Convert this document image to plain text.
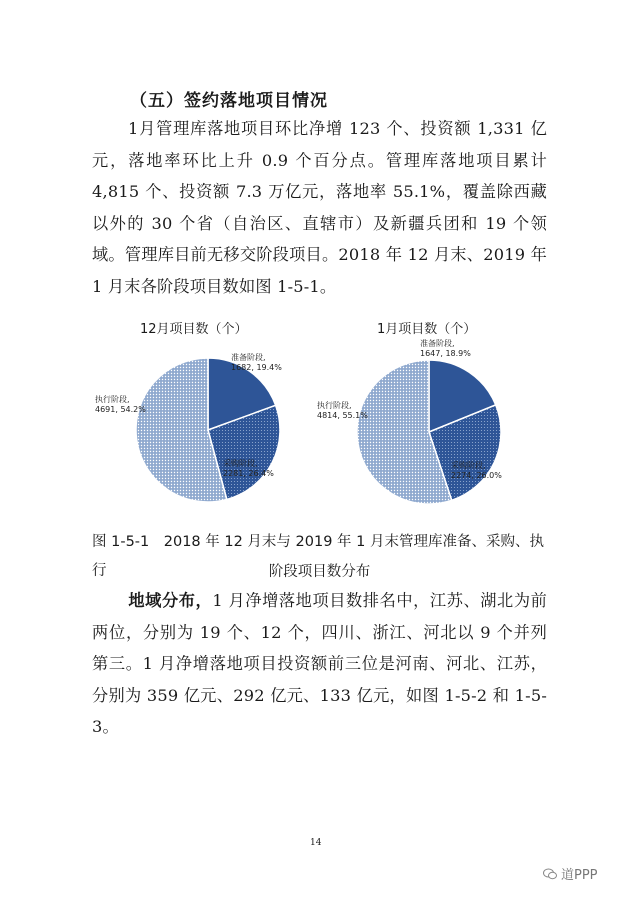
（五）签约落地项目情况
1月管理库落地项目环比净增 123 个、投资额 1,331 亿元，落地率环比上升 0.9 个百分点。管理库落地项目累计 4,815 个、投资额 7.3 万亿元，落地率 55.1%，覆盖除西藏以外的 30 个省（自治区、直辖市）及新疆兵团和 19 个领域。管理库目前无移交阶段项目。2018 年 12 月末、2019 年 1 月末各阶段项目数如图 1-5-1。
12月项目数（个）
准备阶段, 1682, 19.4%
采购阶段, 2281, 26.4%
执行阶段, 4691, 54.2%
1月项目数（个）
准备阶段, 1647, 18.9%
采购阶段, 2274, 26.0%
执行阶段, 4814, 55.1%
图 1-5-1　2018 年 12 月末与 2019 年 1 月末管理库准备、采购、执行	阶段项目数分布
地域分布，1 月净增落地项目数排名中，江苏、湖北为前两位，分别为 19 个、12 个，四川、浙江、河北以 9 个并列第三。1 月净增落地项目投资额前三位是河南、河北、江苏，分别为 359 亿元、292 亿元、133 亿元，如图 1-5-2 和 1-5-3。
14
道PPP
